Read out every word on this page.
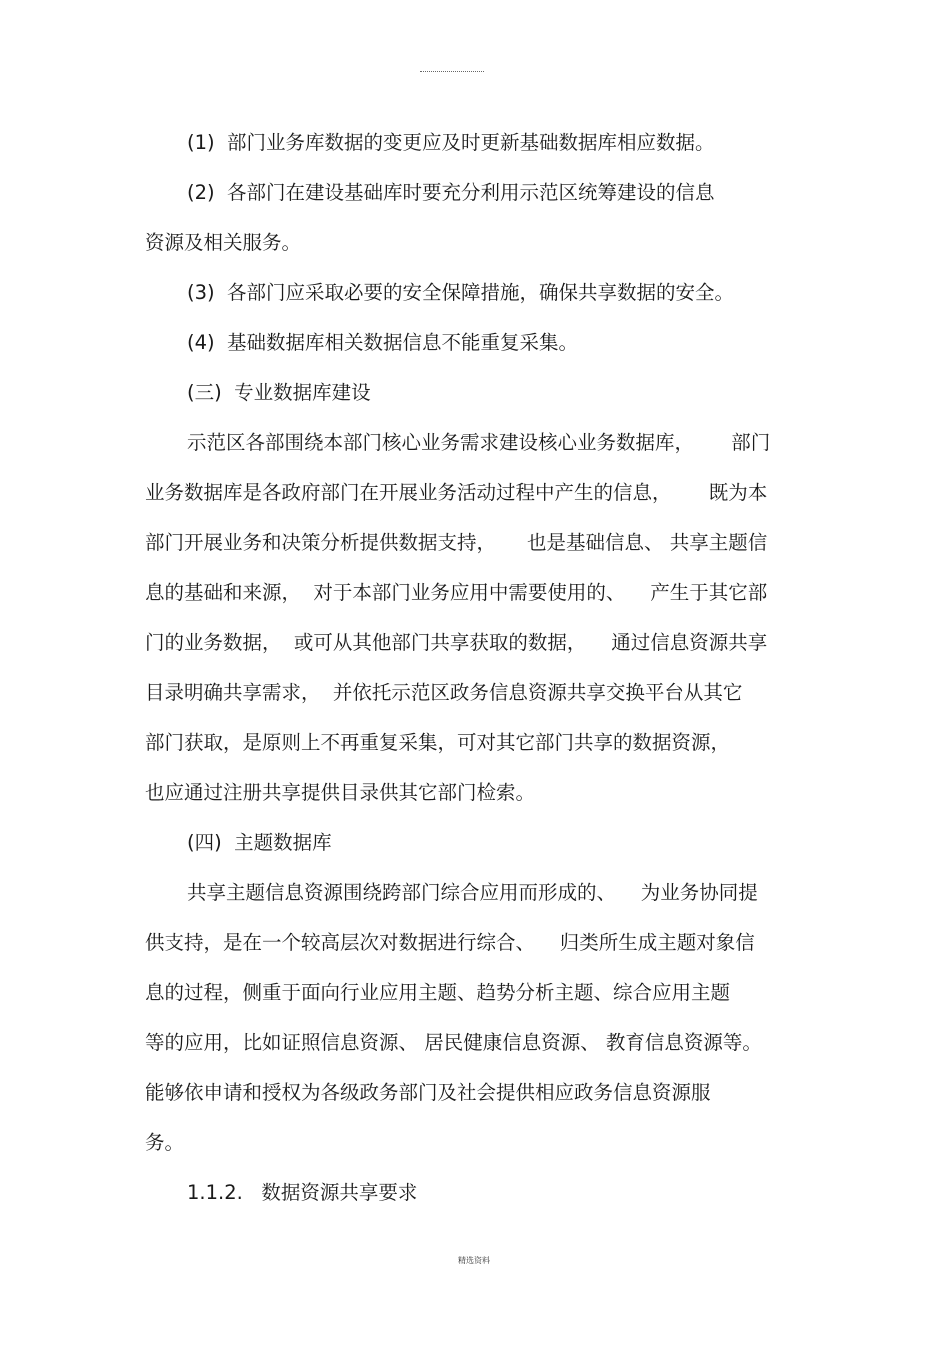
(1)  部门业务库数据的变更应及时更新基础数据库相应数据。
(2)  各部门在建设基础库时要充分利用示范区统筹建设的信息
资源及相关服务。
(3)  各部门应采取必要的安全保障措施，确保共享数据的安全。
(4)  基础数据库相关数据信息不能重复采集。
(三)  专业数据库建设
示范区各部围绕本部门核心业务需求建设核心业务数据库，      部门
业务数据库是各政府部门在开展业务活动过程中产生的信息，      既为本
部门开展业务和决策分析提供数据支持，     也是基础信息、 共享主题信
息的基础和来源，  对于本部门业务应用中需要使用的、    产生于其它部
门的业务数据，  或可从其他部门共享获取的数据，    通过信息资源共享
目录明确共享需求，  并依托示范区政务信息资源共享交换平台从其它
部门获取，是原则上不再重复采集，可对其它部门共享的数据资源，
也应通过注册共享提供目录供其它部门检索。
(四)  主题数据库
共享主题信息资源围绕跨部门综合应用而形成的、    为业务协同提
供支持，是在一个较高层次对数据进行综合、    归类所生成主题对象信
息的过程，侧重于面向行业应用主题、趋势分析主题、综合应用主题
等的应用，比如证照信息资源、 居民健康信息资源、 教育信息资源等。
能够依申请和授权为各级政务部门及社会提供相应政务信息资源服
务。
1.1.2.   数据资源共享要求
精选资料
